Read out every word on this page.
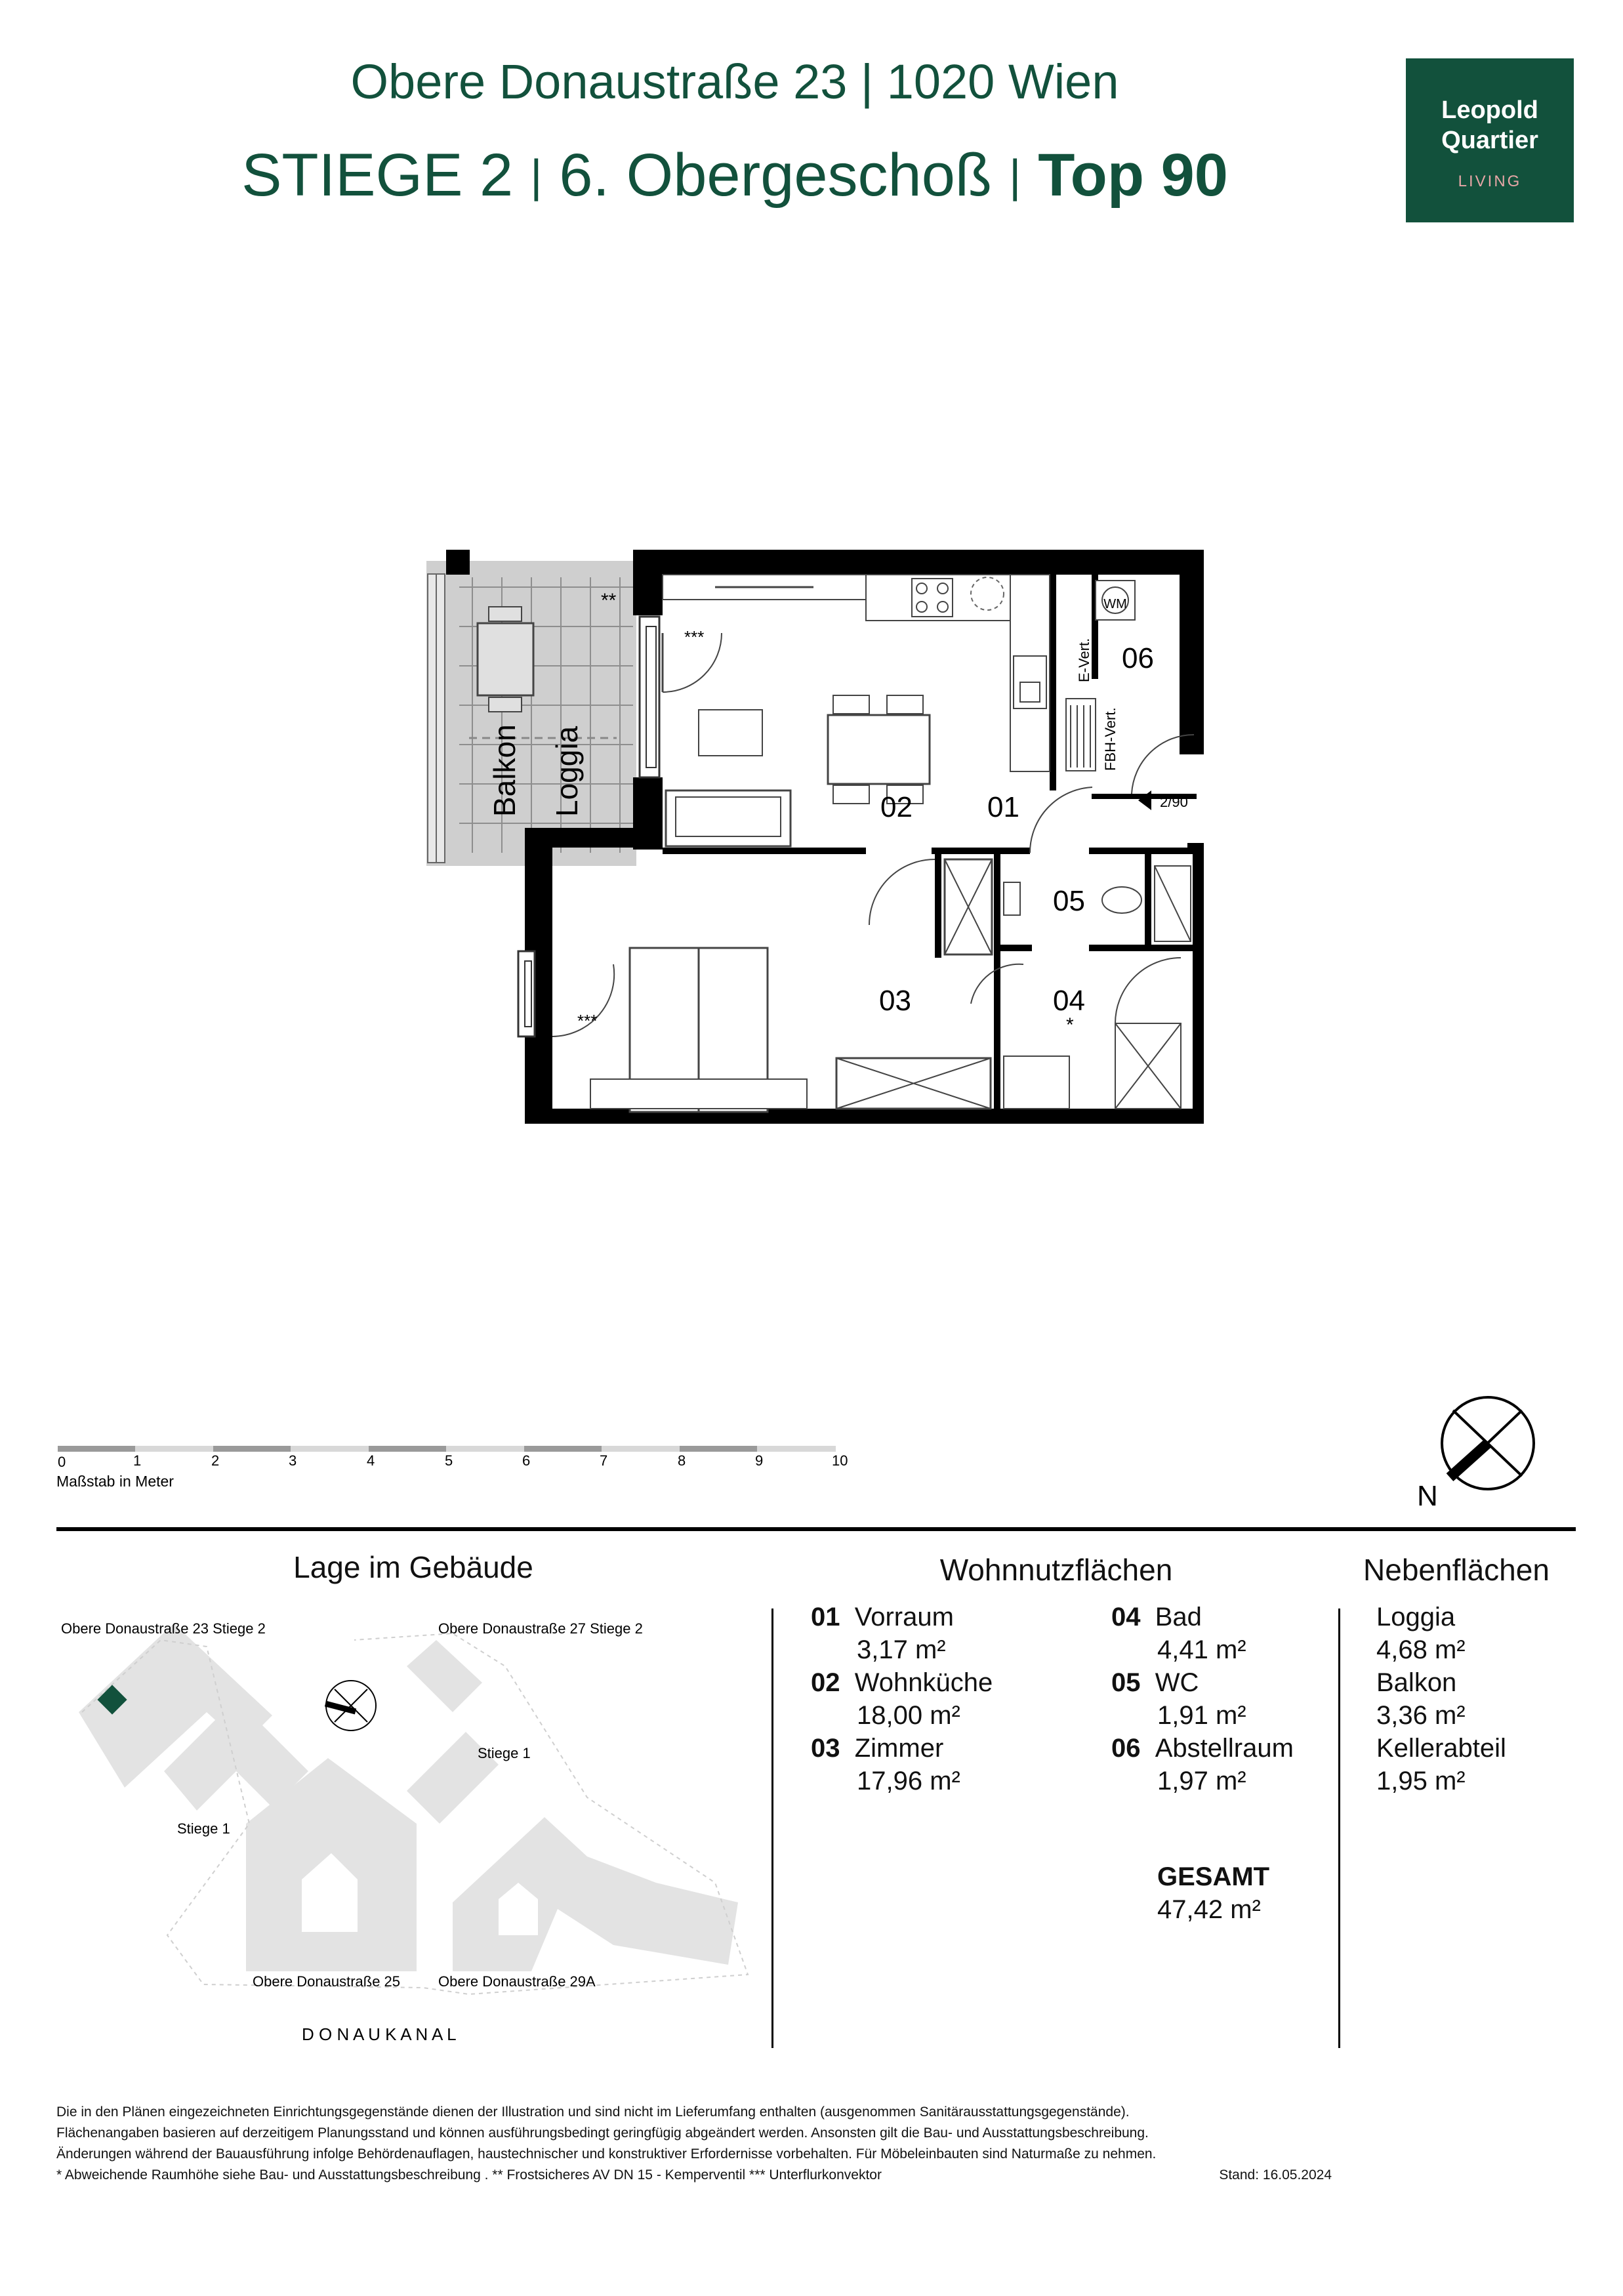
Obere Donaustraße 23 | 1020 Wien
STIEGE 2 | 6. Obergeschoß | Top 90
Leopold
Quartier
LIVING
01
02
03	04
05
06
*
**
***
***
WM
2/90
E-Vert.
FBH-Vert.
Balkon Loggia
0	1	2	3	4	5	6	7	8	9	10
Maßstab in Meter	N
Lage im Gebäude
Obere Donaustraße 23 Stiege 2	Obere Donaustraße 27 Stiege 2
Stiege 1
Stiege 1
Obere Donaustraße 25	Obere Donaustraße 29A
D O N A U K A N A L
Wohnnutzflächen
01 Vorraum
3,17 m²
02 Wohnküche
18,00 m²
03 Zimmer
17,96 m²
04 Bad
4,41 m²
05 WC
1,91 m²
06 Abstellraum
1,97 m²
GESAMT
47,42 m²
Nebenflächen
Loggia
4,68 m²
Balkon
3,36 m²
Kellerabteil
1,95 m²
Die in den Plänen eingezeichneten Einrichtungsgegenstände dienen der Illustration und sind nicht im Lieferumfang enthalten (ausgenommen Sanitärausstattungsgegenstände).
Flächenangaben basieren auf derzeitigem Planungsstand und können ausführungsbedingt geringfügig abgeändert werden. Ansonsten gilt die Bau- und Ausstattungsbeschreibung.
Änderungen während der Bauausführung infolge Behördenauflagen, haustechnischer und konstruktiver Erfordernisse vorbehalten. Für Möbeleinbauten sind Naturmaße zu nehmen.
* Abweichende Raumhöhe siehe Bau- und Ausstattungsbeschreibung . ** Frostsicheres AV DN 15 - Kemperventil *** Unterflurkonvektor	Stand: 16.05.2024
